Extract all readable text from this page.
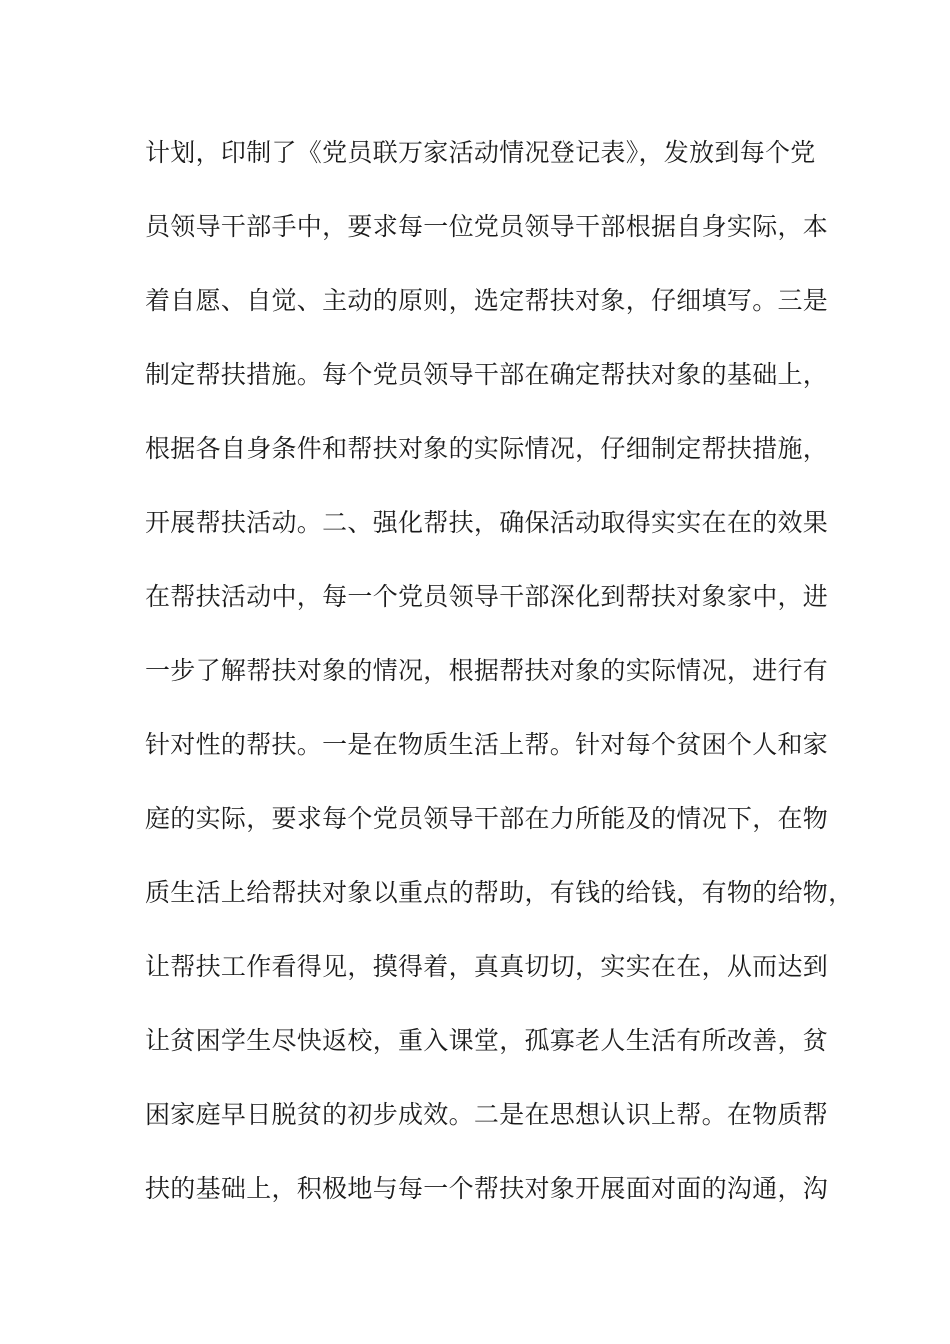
计划，印制了《党员联万家活动情况登记表》，发放到每个党
员领导干部手中，要求每一位党员领导干部根据自身实际，本
着自愿、自觉、主动的原则，选定帮扶对象，仔细填写。三是
制定帮扶措施。每个党员领导干部在确定帮扶对象的基础上，
根据各自身条件和帮扶对象的实际情况，仔细制定帮扶措施，
开展帮扶活动。二、强化帮扶，确保活动取得实实在在的效果
在帮扶活动中，每一个党员领导干部深化到帮扶对象家中，进
一步了解帮扶对象的情况，根据帮扶对象的实际情况，进行有
针对性的帮扶。一是在物质生活上帮。针对每个贫困个人和家
庭的实际，要求每个党员领导干部在力所能及的情况下，在物
质生活上给帮扶对象以重点的帮助，有钱的给钱，有物的给物，
让帮扶工作看得见，摸得着，真真切切，实实在在，从而达到
让贫困学生尽快返校，重入课堂，孤寡老人生活有所改善，贫
困家庭早日脱贫的初步成效。二是在思想认识上帮。在物质帮
扶的基础上，积极地与每一个帮扶对象开展面对面的沟通，沟
